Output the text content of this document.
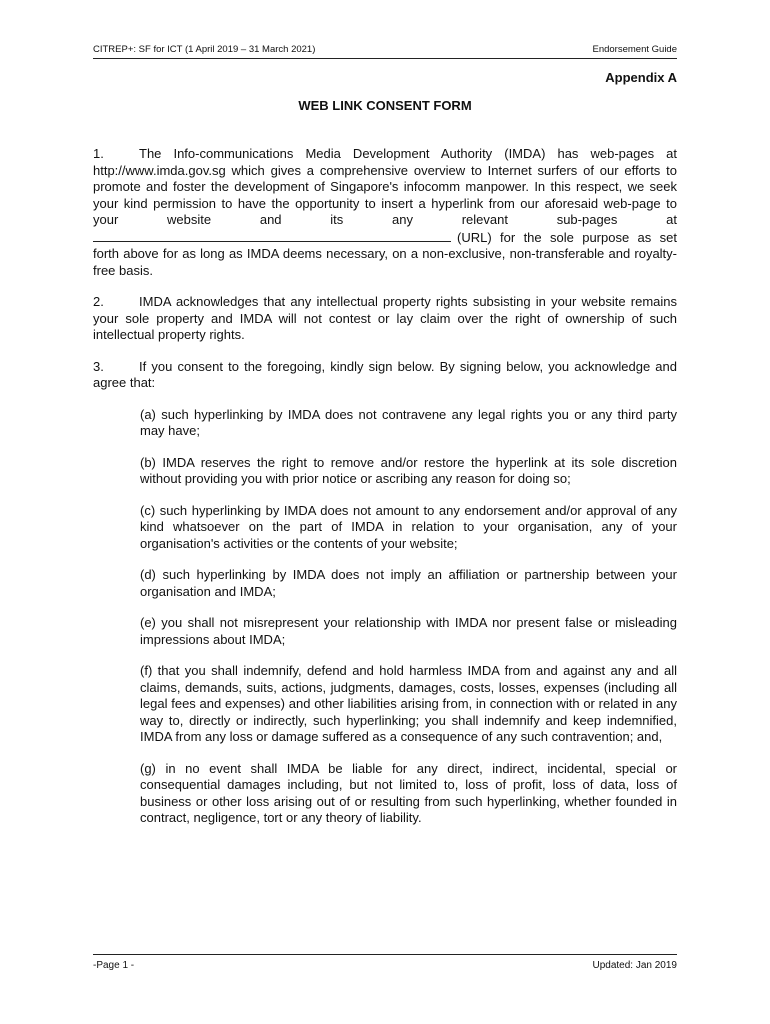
CITREP+: SF for ICT (1 April 2019 – 31 March 2021)	Endorsement Guide
Appendix A
WEB LINK CONSENT FORM

1.	The Info-communications Media Development Authority (IMDA) has web-pages at http://www.imda.gov.sg which gives a comprehensive overview to Internet surfers of our efforts to promote and foster the development of Singapore's infocomm manpower. In this respect, we seek your kind permission to have the opportunity to insert a hyperlink from our aforesaid web-page to your website and its any relevant sub-pages at (URL) for the sole purpose as set forth above for as long as IMDA deems necessary, on a non-exclusive, non-transferable and royalty-free basis.

2.	IMDA acknowledges that any intellectual property rights subsisting in your website remains your sole property and IMDA will not contest or lay claim over the right of ownership of such intellectual property rights.

3.	If you consent to the foregoing, kindly sign below. By signing below, you acknowledge and agree that:

(a) such hyperlinking by IMDA does not contravene any legal rights you or any third party may have;

(b) IMDA reserves the right to remove and/or restore the hyperlink at its sole discretion without providing you with prior notice or ascribing any reason for doing so;

(c) such hyperlinking by IMDA does not amount to any endorsement and/or approval of any kind whatsoever on the part of IMDA in relation to your organisation, any of your organisation's activities or the contents of your website;

(d) such hyperlinking by IMDA does not imply an affiliation or partnership between your organisation and IMDA;

(e) you shall not misrepresent your relationship with IMDA nor present false or misleading impressions about IMDA;

(f) that you shall indemnify, defend and hold harmless IMDA from and against any and all claims, demands, suits, actions, judgments, damages, costs, losses, expenses (including all legal fees and expenses) and other liabilities arising from, in connection with or related in any way to, directly or indirectly, such hyperlinking; you shall indemnify and keep indemnified, IMDA from any loss or damage suffered as a consequence of any such contravention; and,

(g) in no event shall IMDA be liable for any direct, indirect, incidental, special or consequential damages including, but not limited to, loss of profit, loss of data, loss of business or other loss arising out of or resulting from such hyperlinking, whether founded in contract, negligence, tort or any theory of liability.

-Page 1 -	Updated: Jan 2019
